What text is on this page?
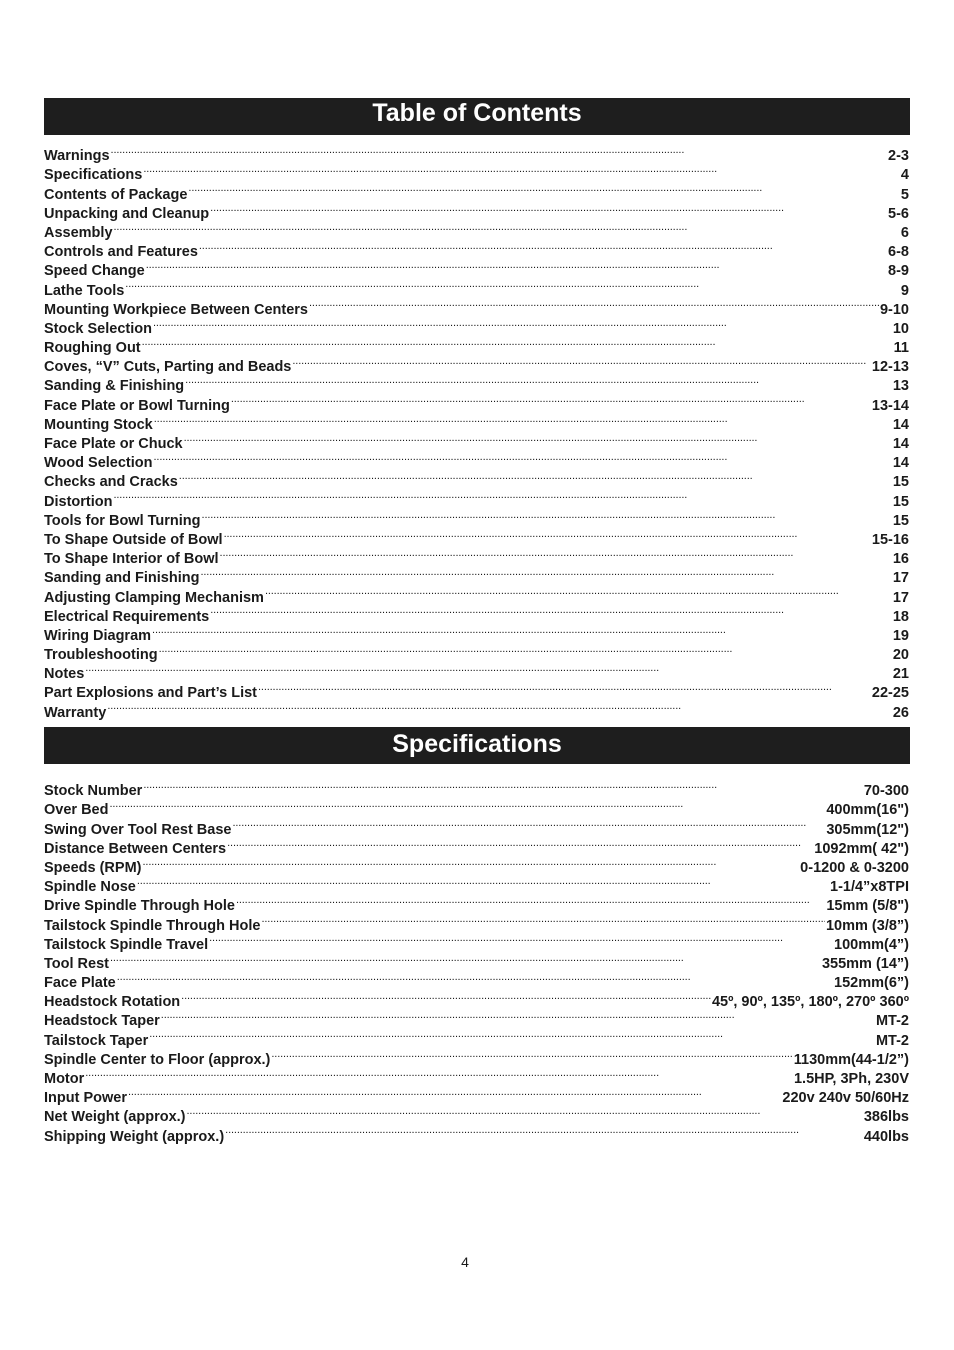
Table of Contents
Warnings . . .	2-3
Specifications . . .	4
Contents of Package . . .	5
Unpacking and Cleanup . . .	5-6
Assembly . . .	6
Controls and Features . . .	6-8
Speed Change . . .	8-9
Lathe Tools . . .	9
Mounting Workpiece Between Centers . . .	9-10
Stock Selection . . .	10
Roughing Out . . .	11
Coves, “V” Cuts, Parting and Beads . . .	12-13
Sanding & Finishing . . .	13
Face Plate or Bowl Turning . . .	13-14
Mounting Stock . . .	14
Face Plate or Chuck . . .	14
Wood Selection . . .	14
Checks and Cracks . . .	15
Distortion . . .	15
Tools for Bowl Turning . . .	15
To Shape Outside of Bowl . . .	15-16
To Shape Interior of Bowl . . .	16
Sanding and Finishing . . .	17
Adjusting Clamping Mechanism . . .	17
Electrical Requirements . . .	18
Wiring Diagram . . .	19
Troubleshooting . . .	20
Notes . . .	21
Part Explosions and Part’s List . . .	22-25
Warranty . . .	26
Specifications
Stock Number . . .	70-300
Over Bed . . .	400mm(16")
Swing Over Tool Rest Base . . .	305mm(12")
Distance Between Centers . . .	1092mm( 42")
Speeds (RPM) . . .	0-1200 & 0-3200
Spindle Nose . . .	1-1/4”x8TPI
Drive Spindle Through Hole . . .	15mm (5/8")
Tailstock Spindle Through Hole . . .	10mm (3/8”)
Tailstock Spindle Travel . . .	100mm(4”)
Tool Rest . . .	355mm (14”)
Face Plate . . .	152mm(6”)
Headstock Rotation . . .	45º, 90º, 135º, 180º, 270º 360º
Headstock Taper . . .	MT-2
Tailstock Taper . . .	MT-2
Spindle Center to Floor (approx.) . . .	1130mm(44-1/2”)
Motor . . .	1.5HP, 3Ph, 230V
Input Power . . .	220v 240v 50/60Hz
Net Weight (approx.) . . .	386lbs
Shipping Weight (approx.) . . .	440lbs
4
